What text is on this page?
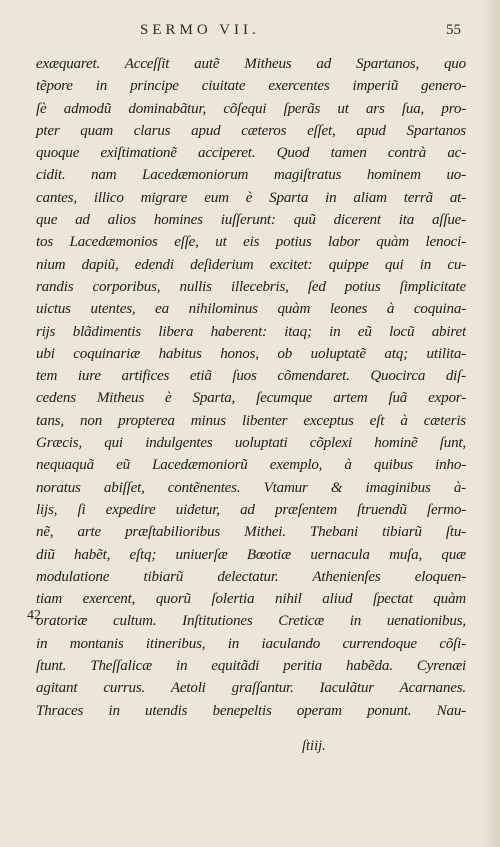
SERMO VII.	55
42
exæquaret. Acceſſit autẽ Mitheus ad Spartanos, quo
tẽpore in principe ciuitate exercentes imperiũ genero-
ſè admodũ dominabãtur, cõſequi ſperãs ut ars ſua, pro-
pter quam clarus apud cæteros eſſet, apud Spartanos
quoque exiſtimationẽ acciperet. Quod tamen contrà ac-
cidit. nam Lacedæmoniorum magiſtratus hominem uo-
cantes, illico migrare eum è Sparta in aliam terrã at-
que ad alios homines iuſſerunt: quũ dicerent ita aſſue-
tos Lacedæmonios eſſe, ut eis potius labor quàm lenoci-
nium dapiũ, edendi deſiderium excitet: quippe qui in cu-
randis corporibus, nullis illecebris, ſed potius ſimplicitate
uictus utentes, ea nihilominus quàm leones à coquina-
rijs blãdimentis libera haberent: itaq; in eũ locũ abiret
ubi coquinariæ habitus honos, ob uoluptatẽ atq; utilita-
tem iure artifices etiã ſuos cõmendaret. Quocirca diſ-
cedens Mitheus è Sparta, ſecumque artem ſuã expor-
tans, non propterea minus libenter exceptus eſt à cæteris
Græcis, qui indulgentes uoluptati cõplexi hominẽ ſunt,
nequaquã eũ Lacedæmoniorũ exemplo, à quibus inho-
noratus abiſſet, contẽnentes. Vtamur & imaginibus à-
lijs, ſi expedire uidetur, ad præſentem ſtruendũ ſermo-
nẽ, arte præſtabilioribus Mithei. Thebani tibiarũ ſtu-
diũ habẽt, eſtq; uniuerſæ Bœotiæ uernacula muſa, quæ
modulatione tibiarũ delectatur. Athenienſes eloquen-
tiam exercent, quorũ ſolertia nihil aliud ſpectat quàm
oratoriæ cultum. Inſtitutiones Creticæ in uenationibus,
in montanis itineribus, in iaculando currendoque cõſi-
ſtunt. Theſſalicæ in equitãdi peritia habẽda. Cyrenæi
agitant currus. Aetoli graſſantur. Iaculãtur Acarnanes.
Thraces in utendis benepeltis operam ponunt. Nau-
ſtiij.
